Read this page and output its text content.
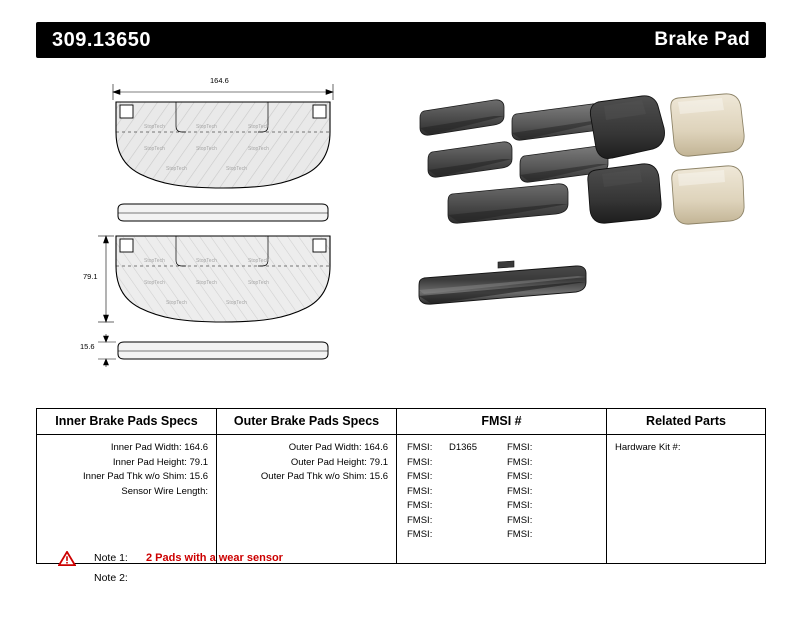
309.13650	Brake Pad
StopTech	StopTech	StopTech
StopTech	StopTech	StopTech
StopTech	StopTech
StopTech	StopTech	StopTech
StopTech	StopTech	StopTech
StopTech	StopTech
164.6
79.1
15.6
Inner Brake Pads Specs
Inner Pad Width: 164.6
Inner Pad Height: 79.1
Inner Pad Thk w/o Shim: 15.6
Sensor Wire Length:
Outer Brake Pads Specs
Outer Pad Width: 164.6
Outer Pad Height: 79.1
Outer Pad Thk w/o Shim: 15.6
FMSI #
FMSI:	D1365	FMSI:
FMSI:	FMSI:
FMSI:	FMSI:
FMSI:	FMSI:
FMSI:	FMSI:
FMSI:	FMSI:
FMSI:	FMSI:
Related Parts
Hardware Kit #:
Note 1: 2 Pads with a wear sensor
Note 2:
